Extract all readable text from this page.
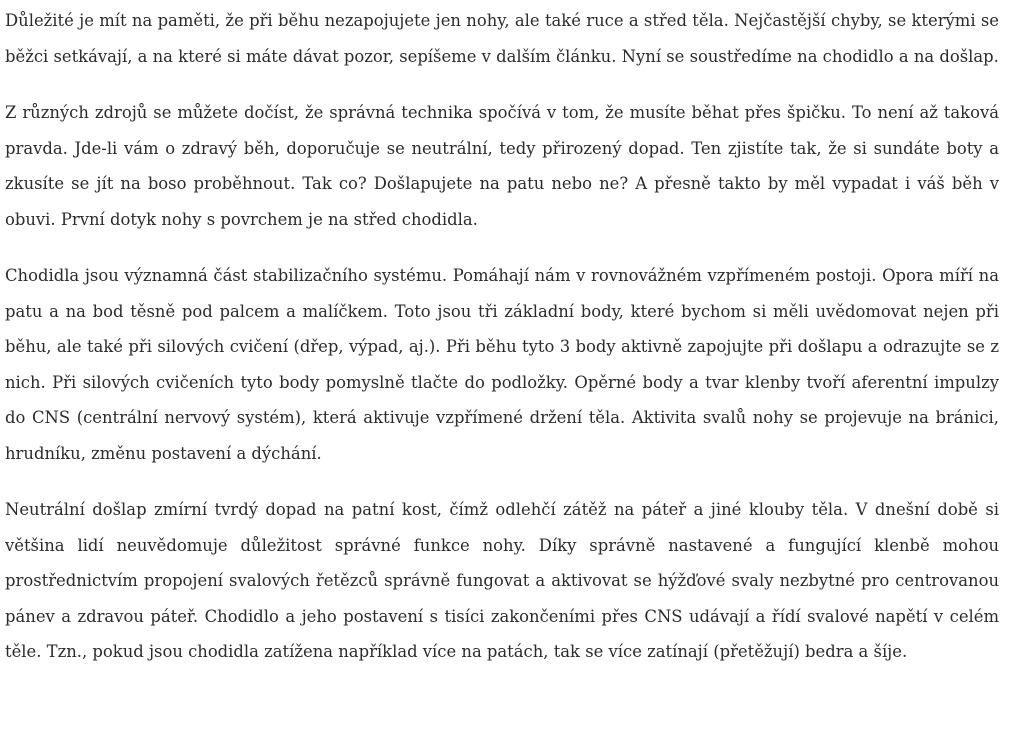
Důležité je mít na paměti, že při běhu nezapojujete jen nohy, ale také ruce a střed těla. Nejčastější chyby, se kterými se běžci setkávají, a na které si máte dávat pozor, sepíšeme v dalším článku. Nyní se soustředíme na chodidlo a na došlap.

Z různých zdrojů se můžete dočíst, že správná technika spočívá v tom, že musíte běhat přes špičku. To není až taková pravda. Jde-li vám o zdravý běh, doporučuje se neutrální, tedy přirozený dopad. Ten zjistíte tak, že si sundáte boty a zkusíte se jít na boso proběhnout. Tak co? Došlapujete na patu nebo ne? A přesně takto by měl vypadat i váš běh v obuvi. První dotyk nohy s povrchem je na střed chodidla.

Chodidla jsou významná část stabilizačního systému. Pomáhají nám v rovnovážném vzpřímeném postoji. Opora míří na patu a na bod těsně pod palcem a malíčkem. Toto jsou tři základní body, které bychom si měli uvědomovat nejen při běhu, ale také při silových cvičení (dřep, výpad, aj.). Při běhu tyto 3 body aktivně zapojujte při došlapu a odrazujte se z nich. Při silových cvičeních tyto body pomyslně tlačte do podložky. Opěrné body a tvar klenby tvoří aferentní impulzy do CNS (centrální nervový systém), která aktivuje vzpřímené držení těla. Aktivita svalů nohy se projevuje na bránici, hrudníku, změnu postavení a dýchání.

Neutrální došlap zmírní tvrdý dopad na patní kost, čímž odlehčí zátěž na páteř a jiné klouby těla. V dnešní době si většina lidí neuvědomuje důležitost správné funkce nohy. Díky správně nastavené a fungující klenbě mohou prostřednictvím propojení svalových řetězců správně fungovat a aktivovat se hýžďové svaly nezbytné pro centrovanou pánev a zdravou páteř. Chodidlo a jeho postavení s tisíci zakončeními přes CNS udávají a řídí svalové napětí v celém těle. Tzn., pokud jsou chodidla zatížena například více na patách, tak se více zatínají (přetěžují) bedra a šíje.
